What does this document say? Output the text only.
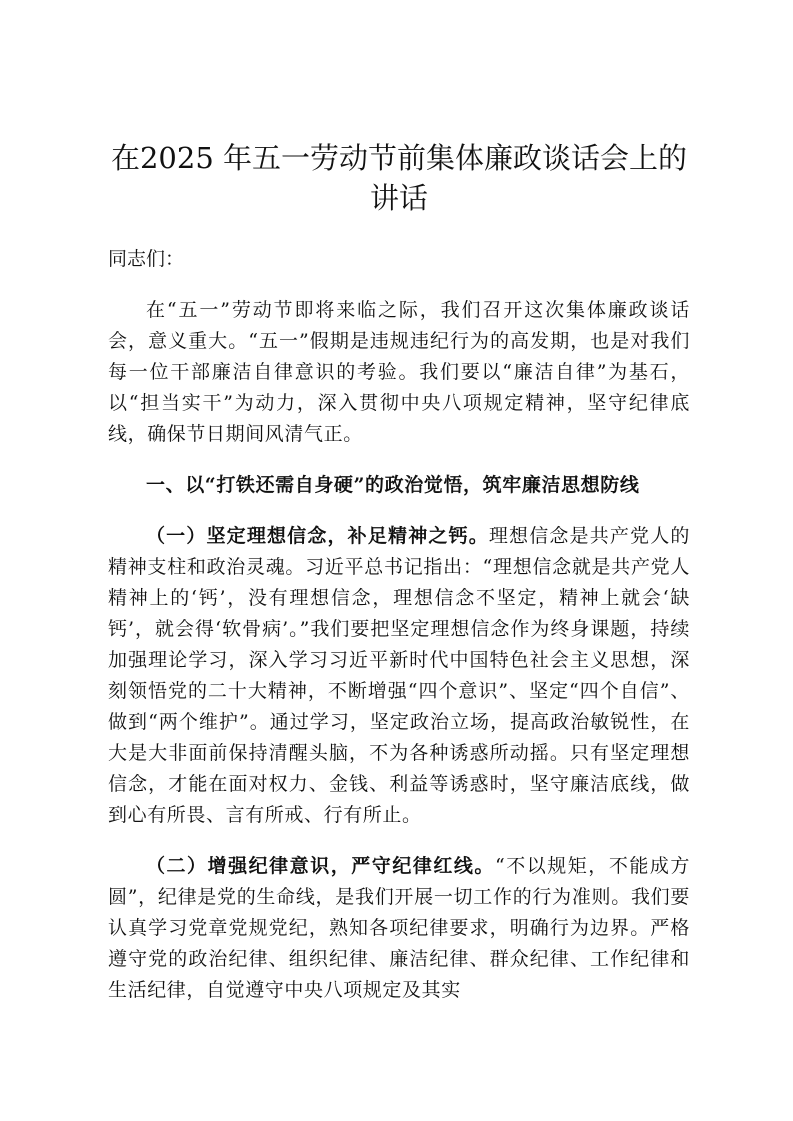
在2025 年五一劳动节前集体廉政谈话会上的讲话

同志们：

在“五一”劳动节即将来临之际，我们召开这次集体廉政谈话会，意义重大。“五一”假期是违规违纪行为的高发期，也是对我们每一位干部廉洁自律意识的考验。我们要以“廉洁自律”为基石，以“担当实干”为动力，深入贯彻中央八项规定精神，坚守纪律底线，确保节日期间风清气正。

一、以“打铁还需自身硬”的政治觉悟，筑牢廉洁思想防线

（一）坚定理想信念，补足精神之钙。理想信念是共产党人的精神支柱和政治灵魂。习近平总书记指出：“理想信念就是共产党人精神上的‘钙’，没有理想信念，理想信念不坚定，精神上就会‘缺钙’，就会得‘软骨病’。”我们要把坚定理想信念作为终身课题，持续加强理论学习，深入学习习近平新时代中国特色社会主义思想，深刻领悟党的二十大精神，不断增强“四个意识”、坚定“四个自信”、做到“两个维护”。通过学习，坚定政治立场，提高政治敏锐性，在大是大非面前保持清醒头脑，不为各种诱惑所动摇。只有坚定理想信念，才能在面对权力、金钱、利益等诱惑时，坚守廉洁底线，做到心有所畏、言有所戒、行有所止。

（二）增强纪律意识，严守纪律红线。“不以规矩，不能成方圆”，纪律是党的生命线，是我们开展一切工作的行为准则。我们要认真学习党章党规党纪，熟知各项纪律要求，明确行为边界。严格遵守党的政治纪律、组织纪律、廉洁纪律、群众纪律、工作纪律和生活纪律，自觉遵守中央八项规定及其实
